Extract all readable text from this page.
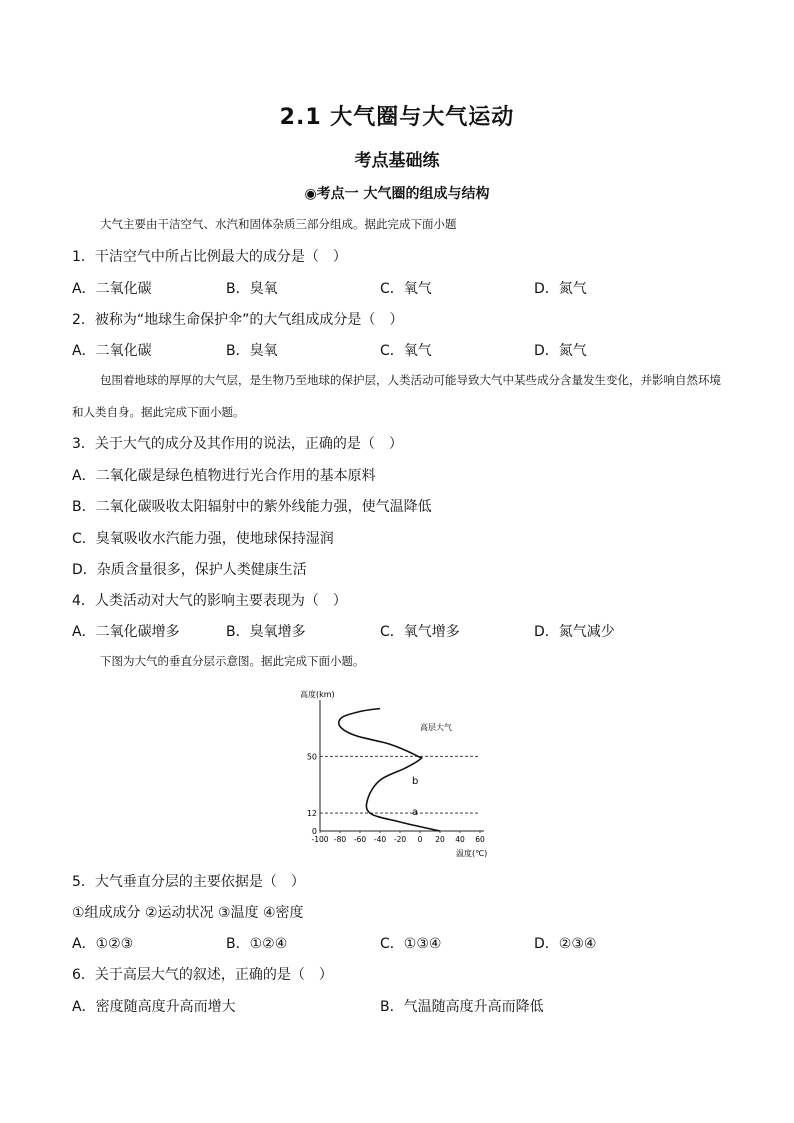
2.1 大气圈与大气运动
考点基础练
◉考点一 大气圈的组成与结构
大气主要由干洁空气、水汽和固体杂质三部分组成。据此完成下面小题
1．干洁空气中所占比例最大的成分是（　）
A．二氧化碳	B．臭氧	C．氧气	D．氮气
2．被称为“地球生命保护伞”的大气组成成分是（　）
A．二氧化碳	B．臭氧	C．氧气	D．氮气
包围着地球的厚厚的大气层，是生物乃至地球的保护层，人类活动可能导致大气中某些成分含量发生变化，并影响自然环境和人类自身。据此完成下面小题。
3．关于大气的成分及其作用的说法，正确的是（　）
A．二氧化碳是绿色植物进行光合作用的基本原料
B．二氧化碳吸收太阳辐射中的紫外线能力强，使气温降低
C．臭氧吸收水汽能力强，使地球保持湿润
D．杂质含量很多，保护人类健康生活
4．人类活动对大气的影响主要表现为（　）
A．二氧化碳增多	B．臭氧增多	C．氧气增多	D．氮气减少
下图为大气的垂直分层示意图。据此完成下面小题。
高度(km)
高层大气
b
a
温度(℃)
0
12
50
-100 -80 -60 -40 -20 0 20 40 60
5．大气垂直分层的主要依据是（　）
①组成成分 ②运动状况 ③温度 ④密度
A．①②③	B．①②④	C．①③④	D．②③④
6．关于高层大气的叙述，正确的是（　）
A．密度随高度升高而增大	B．气温随高度升高而降低
